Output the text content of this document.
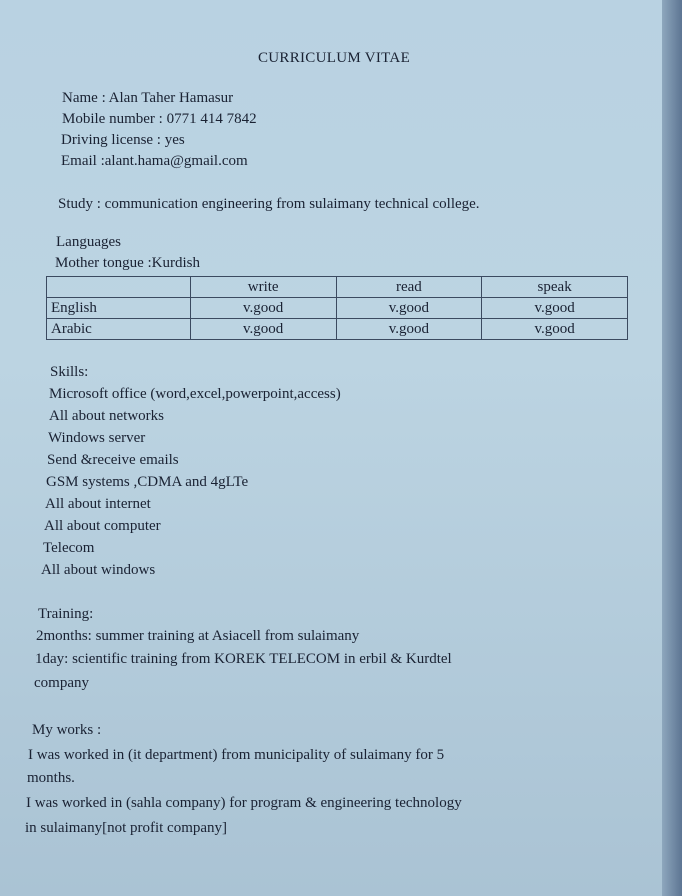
CURRICULUM VITAE
Name : Alan Taher Hamasur
Mobile number : 0771 414 7842
Driving license : yes
Email :alant.hama@gmail.com
Study : communication engineering from sulaimany technical college.
Languages
Mother tongue :Kurdish
	write	read	speak
English	v.good	v.good	v.good
Arabic	v.good	v.good	v.good
Skills:
Microsoft office (word,excel,powerpoint,access)
All about networks
Windows server
Send &receive emails
GSM systems ,CDMA and 4gLTe
All about internet
All about computer
Telecom
All about windows
Training:
2months: summer training at Asiacell from sulaimany
1day: scientific training from KOREK TELECOM in erbil & Kurdtel
company
My works :
I was worked in (it department) from municipality of sulaimany for 5
months.
I was worked in (sahla company) for program & engineering technology
in sulaimany[not profit company]
